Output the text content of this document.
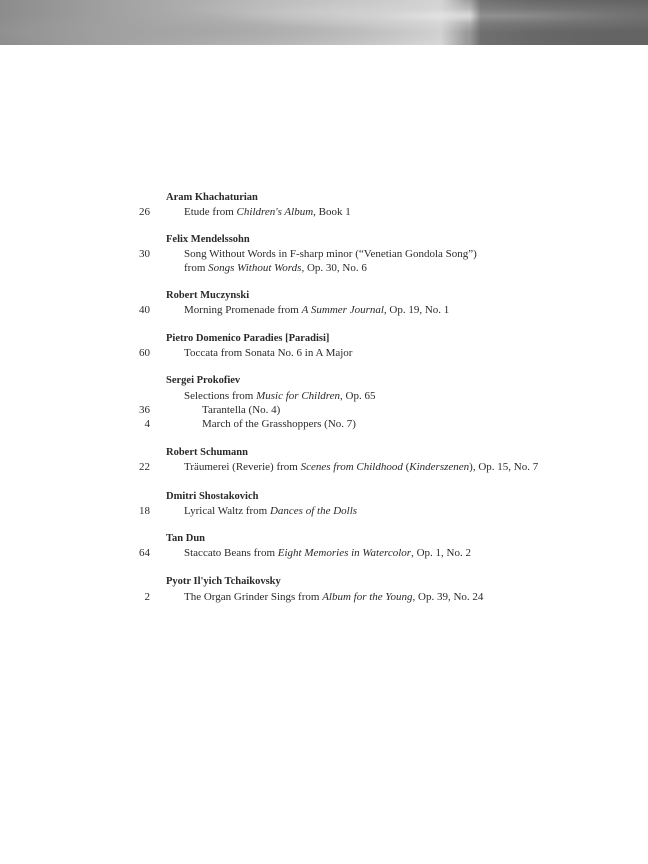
Aram Khachaturian
26	Etude from Children's Album, Book 1
Felix Mendelssohn
30	Song Without Words in F-sharp minor (“Venetian Gondola Song”)
from Songs Without Words, Op. 30, No. 6
Robert Muczynski
40	Morning Promenade from A Summer Journal, Op. 19, No. 1
Pietro Domenico Paradies [Paradisi]
60	Toccata from Sonata No. 6 in A Major
Sergei Prokofiev
Selections from Music for Children, Op. 65
36	Tarantella (No. 4)
4	March of the Grasshoppers (No. 7)
Robert Schumann
22	Träumerei (Reverie) from Scenes from Childhood (Kinderszenen), Op. 15, No. 7
Dmitri Shostakovich
18	Lyrical Waltz from Dances of the Dolls
Tan Dun
64	Staccato Beans from Eight Memories in Watercolor, Op. 1, No. 2
Pyotr Il'yich Tchaikovsky
2	The Organ Grinder Sings from Album for the Young, Op. 39, No. 24
